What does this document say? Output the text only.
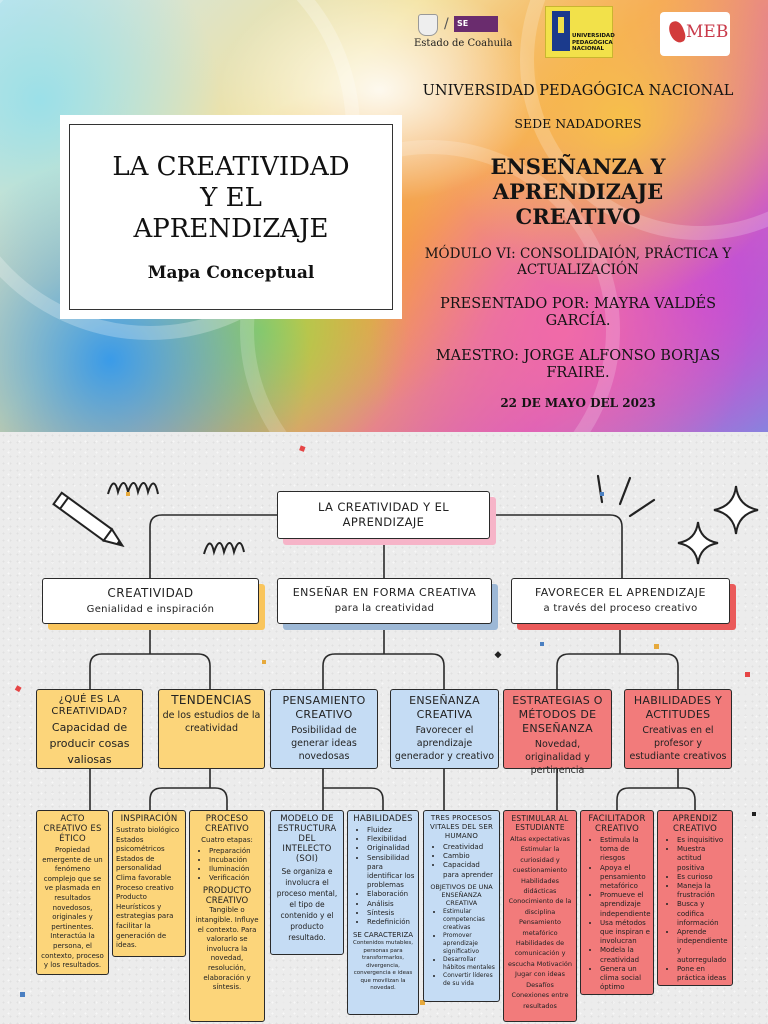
LA CREATIVIDAD Y EL APRENDIZAJE
Mapa Conceptual
/	SE
Estado de Coahuila
UNIVERSIDAD PEDAGÓGICA NACIONAL
MEB
UNIVERSIDAD PEDAGÓGICA NACIONAL
SEDE NADADORES
ENSEÑANZA Y APRENDIZAJE CREATIVO
MÓDULO VI: CONSOLIDAIÓN, PRÁCTICA Y ACTUALIZACIÓN
PRESENTADO POR: MAYRA VALDÉS GARCÍA.
MAESTRO: JORGE ALFONSO BORJAS FRAIRE.
22 DE MAYO DEL 2023
LA CREATIVIDAD Y EL APRENDIZAJE
CREATIVIDAD
Genialidad e inspiración
ENSEÑAR EN FORMA CREATIVA
para la creatividad
FAVORECER EL APRENDIZAJE
a través del proceso creativo
¿QUÉ ES LA CREATIVIDAD?
Capacidad de producir cosas valiosas
TENDENCIAS
de los estudios de la creatividad
PENSAMIENTO CREATIVO
Posibilidad de generar ideas novedosas
ENSEÑANZA CREATIVA
Favorecer el aprendizaje generador y creativo
ESTRATEGIAS O MÉTODOS DE ENSEÑANZA
Novedad, originalidad y pertinencia
HABILIDADES Y ACTITUDES
Creativas en el profesor y estudiante creativos
ACTO CREATIVO ES ÉTICO
Propiedad emergente de un fenómeno complejo que se ve plasmada en resultados novedosos, originales y pertinentes. Interactúa la persona, el contexto, proceso y los resultados.
INSPIRACIÓN
Sustrato biológico Estados psicométricos Estados de personalidad Clima favorable Proceso creativo Producto Heurísticos y estrategias para facilitar la generación de ideas.
PROCESO CREATIVO
Cuatro etapas:
• Preparación
• Incubación
• Iluminación
• Verificación
PRODUCTO CREATIVO
Tangible o intangible. Influye el contexto. Para valorarlo se involucra la novedad, resolución, elaboración y síntesis.
MODELO DE ESTRUCTURA DEL INTELECTO (SOI)
Se organiza e involucra el proceso mental, el tipo de contenido y el producto resultado.
HABILIDADES
• Fluidez
• Flexibilidad
• Originalidad
• Sensibilidad para identificar los problemas
• Elaboración
• Análisis
• Síntesis
• Redefinición
SE CARACTERIZA
Contenidos mutables, personas para transformarlos, divergencia, convergencia e ideas que movilizan la novedad.
TRES PROCESOS VITALES DEL SER HUMANO
• Creatividad
• Cambio
• Capacidad para aprender
OBJETIVOS DE UNA ENSEÑANZA CREATIVA
• Estimular competencias creativas
• Promover aprendizaje significativo
• Desarrollar hábitos mentales
• Convertir líderes de su vida
ESTIMULAR AL ESTUDIANTE
Altas expectativas Estimular la curiosidad y cuestionamiento Habilidades didácticas Conocimiento de la disciplina Pensamiento metafórico Habilidades de comunicación y escucha Motivación Jugar con ideas Desafíos Conexiones entre resultados
FACILITADOR CREATIVO
• Estimula la toma de riesgos
• Apoya el pensamiento metafórico
• Promueve el aprendizaje independiente
• Usa métodos que inspiran e involucran
• Modela la creatividad
• Genera un clima social óptimo
APRENDIZ CREATIVO
• Es inquisitivo
• Muestra actitud positiva
• Es curioso
• Maneja la frustración
• Busca y codifica información
• Aprende independiente y autorregulado
• Pone en práctica ideas
